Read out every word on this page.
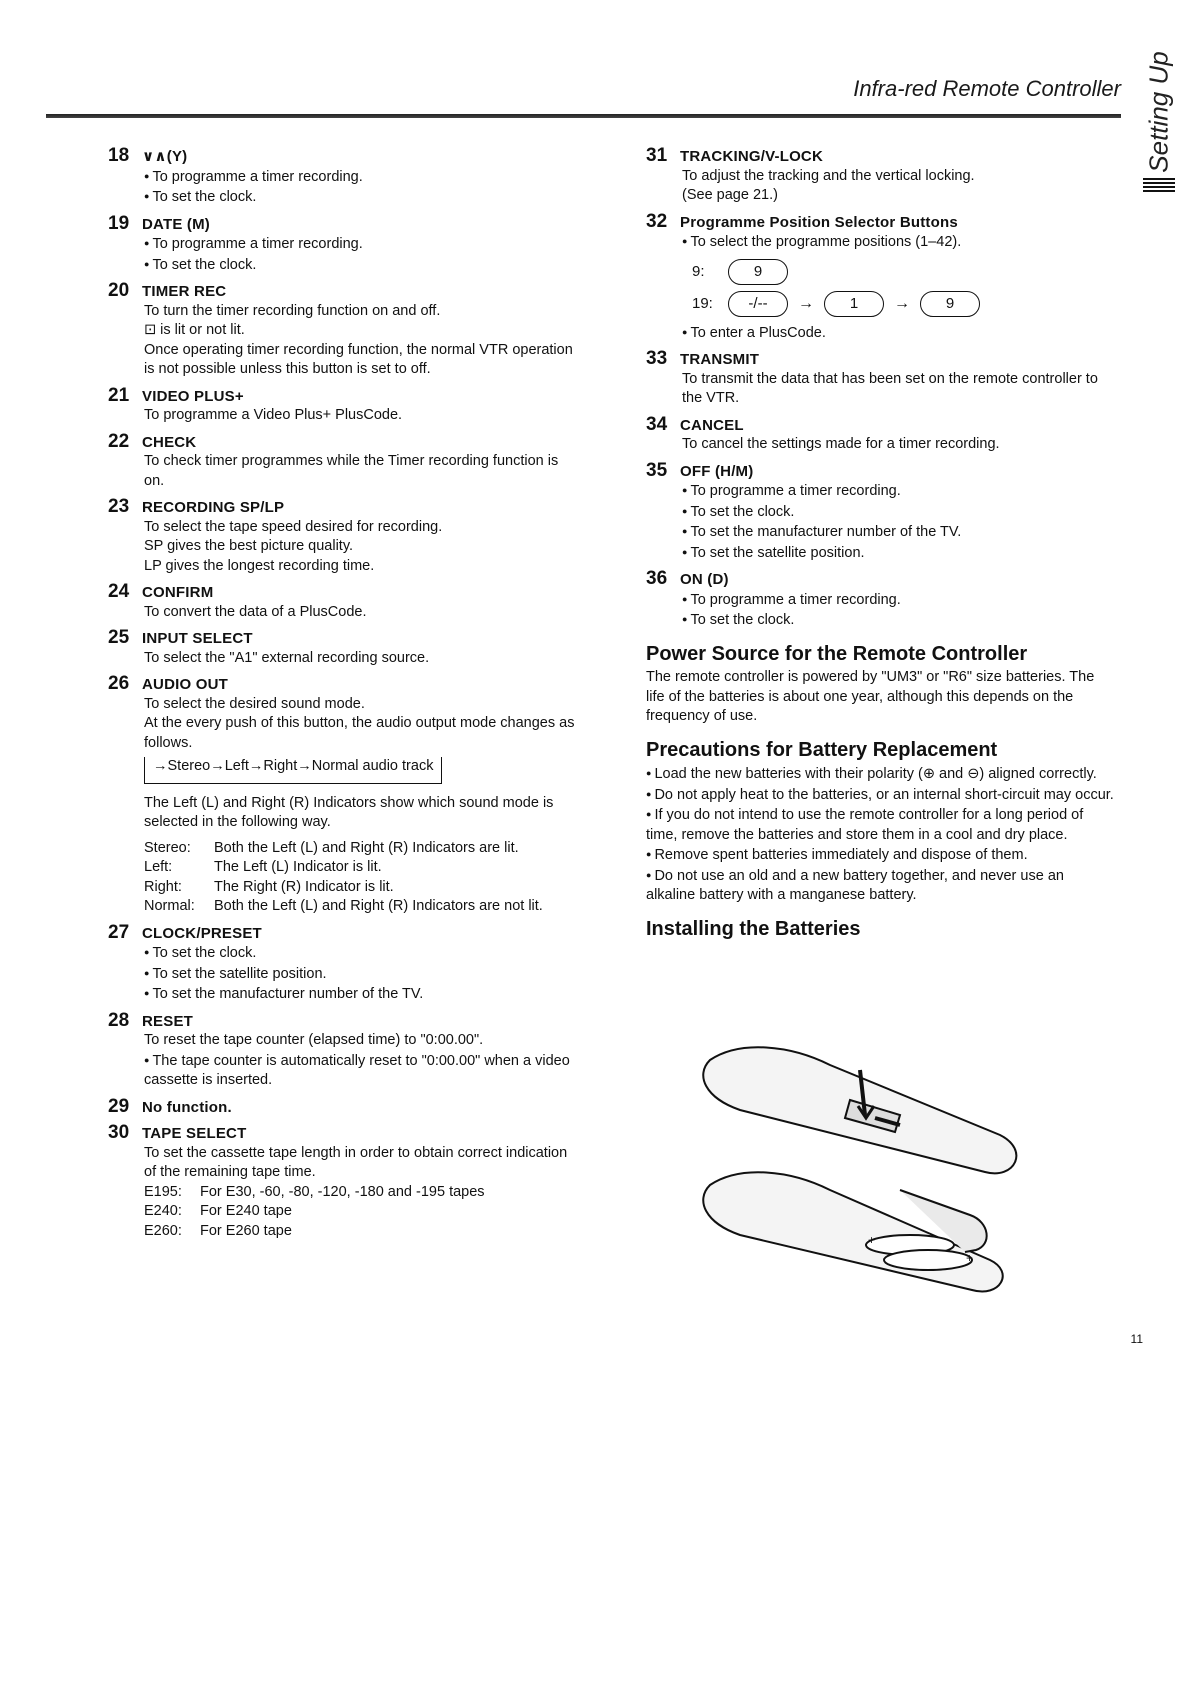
Infra-red Remote Controller Setting Up
18 ∨∧(Y)

● To programme a timer recording.

● To set the clock.

19 DATE (M)

● To programme a timer recording.

● To set the clock.

20 TIMER REC

To turn the timer recording function on and off.

⊡ is lit or not lit.

Once operating timer recording function, the normal VTR operation is not possible unless this button is set to off.

21 VIDEO PLUS+

To programme a Video Plus+ PlusCode.

22 CHECK

To check timer programmes while the Timer recording function is on.

23 RECORDING SP/LP

To select the tape speed desired for recording.

SP gives the best picture quality.

LP gives the longest recording time.

24 CONFIRM

To convert the data of a PlusCode.

25 INPUT SELECT

To select the "A1" external recording source.

26 AUDIO OUT

To select the desired sound mode.

At the every push of this button, the audio output mode changes as follows.

→Stereo→Left→Right→Normal audio track

The Left (L) and Right (R) Indicators show which sound mode is selected in the following way.

Stereo:	Both the Left (L) and Right (R) Indicators are lit.
Left:	The Left (L) Indicator is lit.
Right:	The Right (R) Indicator is lit.
Normal:	Both the Left (L) and Right (R) Indicators are not lit.
27 CLOCK/PRESET

● To set the clock.

● To set the satellite position.

● To set the manufacturer number of the TV.

28 RESET

To reset the tape counter (elapsed time) to "0:00.00".

● The tape counter is automatically reset to "0:00.00" when a video cassette is inserted.

29 No function.
30 TAPE SELECT

To set the cassette tape length in order to obtain correct indication of the remaining tape time.

E195:	For E30, -60, -80, -120, -180 and -195 tapes
E240:	For E240 tape
E260:	For E260 tape
31 TRACKING/V-LOCK

To adjust the tracking and the vertical locking.

(See page 21.)

32 Programme Position Selector Buttons

● To select the programme positions (1–42).

9:	9
19:	-/--	→	1	→	9

● To enter a PlusCode.

33 TRANSMIT

To transmit the data that has been set on the remote controller to the VTR.

34 CANCEL

To cancel the settings made for a timer recording.

35 OFF (H/M)

● To programme a timer recording.

● To set the clock.

● To set the manufacturer number of the TV.

● To set the satellite position.

36 ON (D)

● To programme a timer recording.

● To set the clock.

Power Source for the Remote Controller

The remote controller is powered by "UM3" or "R6" size batteries. The life of the batteries is about one year, although this depends on the frequency of use.

Precautions for Battery Replacement

● Load the new batteries with their polarity (⊕ and ⊖) aligned correctly.

● Do not apply heat to the batteries, or an internal short-circuit may occur.

● If you do not intend to use the remote controller for a long period of time, remove the batteries and store them in a cool and dry place.

● Remove spent batteries immediately and dispose of them.

● Do not use an old and a new battery together, and never use an alkaline battery with a manganese battery.

Installing the Batteries
+
+
11
